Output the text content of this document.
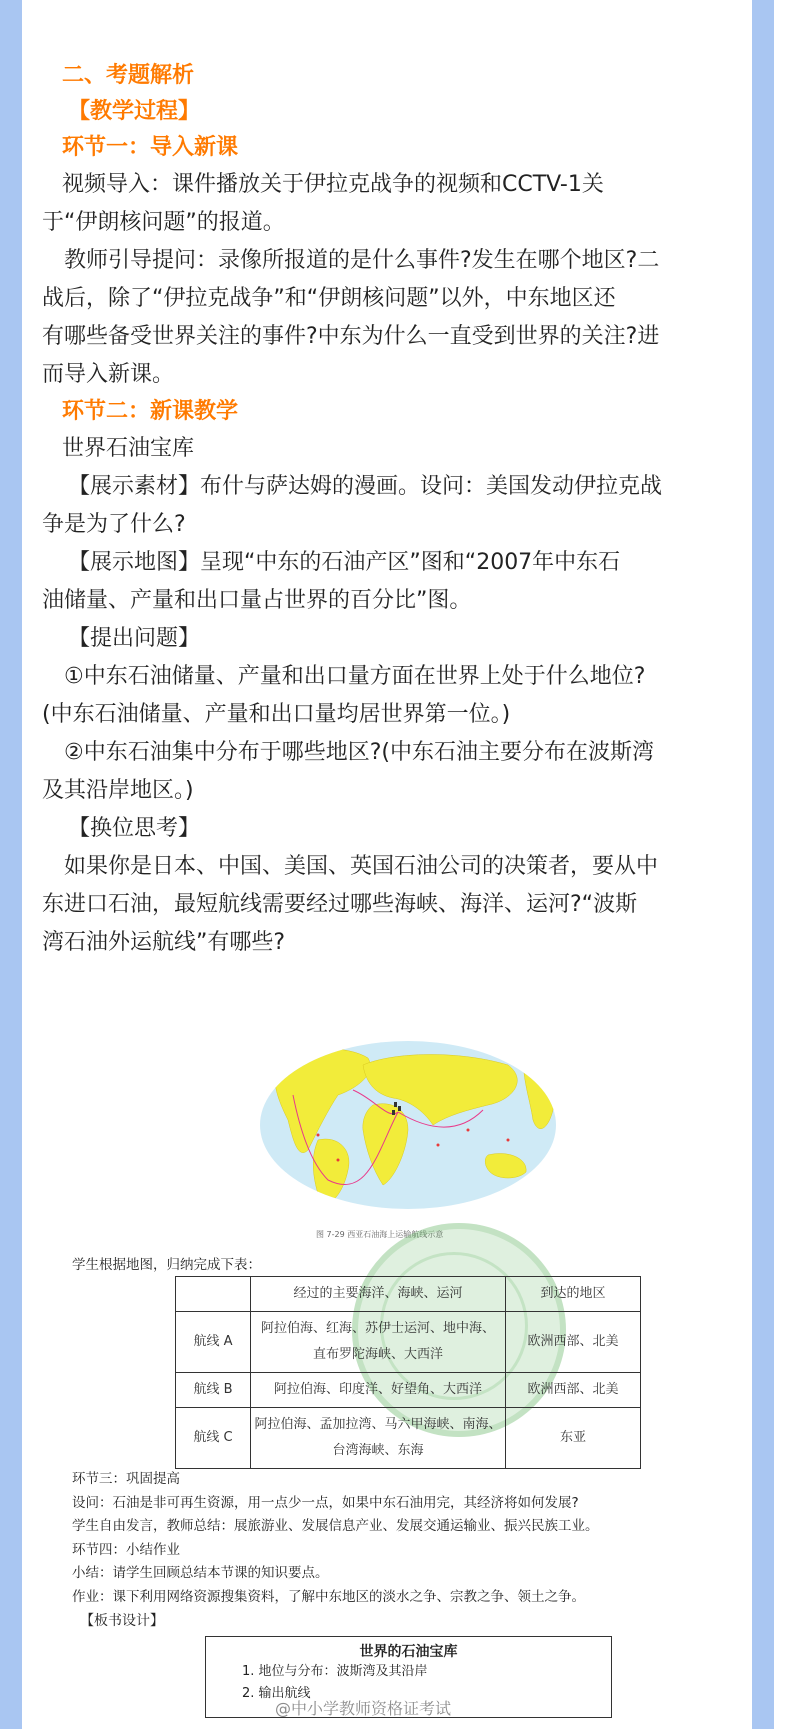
二、考题解析
【教学过程】
环节一：导入新课

视频导入：课件播放关于伊拉克战争的视频和CCTV-1关

于“伊朗核问题”的报道。

教师引导提问：录像所报道的是什么事件?发生在哪个地区?二

战后，除了“伊拉克战争”和“伊朗核问题”以外，中东地区还

有哪些备受世界关注的事件?中东为什么一直受到世界的关注?进

而导入新课。

环节二：新课教学

世界石油宝库

【展示素材】布什与萨达姆的漫画。设问：美国发动伊拉克战

争是为了什么?

【展示地图】呈现“中东的石油产区”图和“2007年中东石

油储量、产量和出口量占世界的百分比”图。

【提出问题】

①中东石油储量、产量和出口量方面在世界上处于什么地位?

(中东石油储量、产量和出口量均居世界第一位。)

②中东石油集中分布于哪些地区?(中东石油主要分布在波斯湾

及其沿岸地区。)

【换位思考】

如果你是日本、中国、美国、英国石油公司的决策者，要从中

东进口石油，最短航线需要经过哪些海峡、海洋、运河?“波斯

湾石油外运航线”有哪些?

图 7-29 西亚石油海上运输航线示意
学生根据地图，归纳完成下表：
	经过的主要海洋、海峡、运河	到达的地区
航线 A	阿拉伯海、红海、苏伊士运河、地中海、
直布罗陀海峡、大西洋	欧洲西部、北美
航线 B	阿拉伯海、印度洋、好望角、大西洋	欧洲西部、北美
航线 C	阿拉伯海、孟加拉湾、马六甲海峡、南海、
台湾海峡、东海	东亚

环节三：巩固提高

设问：石油是非可再生资源，用一点少一点，如果中东石油用完，其经济将如何发展?

学生自由发言，教师总结：展旅游业、发展信息产业、发展交通运输业、振兴民族工业。

环节四：小结作业

小结：请学生回顾总结本节课的知识要点。

作业：课下利用网络资源搜集资料，了解中东地区的淡水之争、宗教之争、领土之争。

【板书设计】
世界的石油宝库
1. 地位与分布：波斯湾及其沿岸
2. 输出航线
@中小学教师资格证考试
